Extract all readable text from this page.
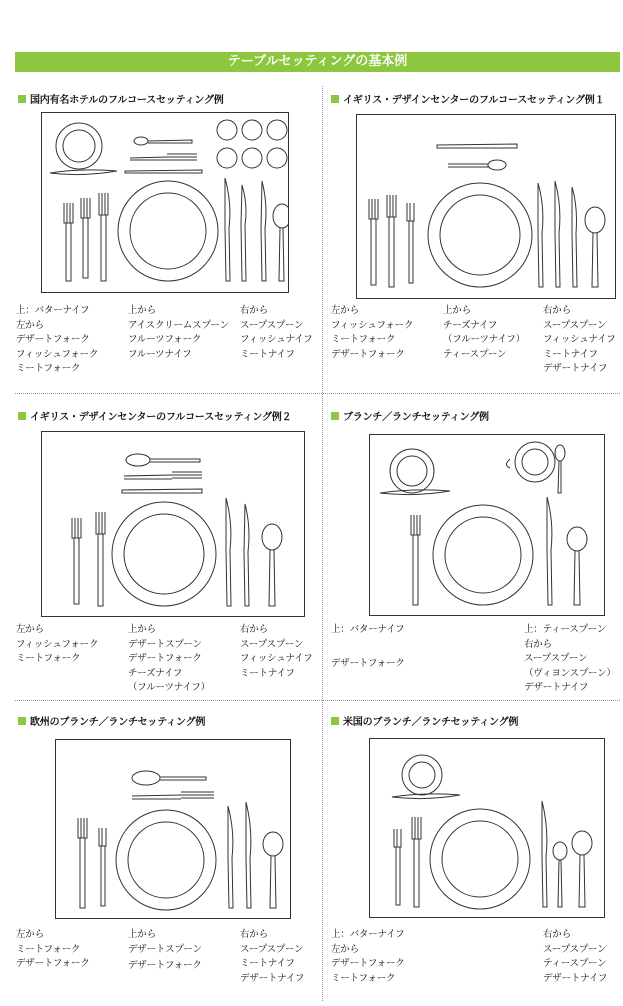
テーブルセッティングの基本例
国内有名ホテルのフルコースセッティング例
上：バターナイフ
左から
デザートフォーク
フィッシュフォーク
ミートフォーク
上から
アイスクリームスプーン
フルーツフォーク
フルーツナイフ
右から
スープスプーン
フィッシュナイフ
ミートナイフ
イギリス・デザインセンターのフルコースセッティング例１
左から
フィッシュフォーク
ミートフォーク
デザートフォーク
上から
チーズナイフ
（フルーツナイフ）
ティースプーン
右から
スープスプーン
フィッシュナイフ
ミートナイフ
デザートナイフ
イギリス・デザインセンターのフルコースセッティング例２
左から
フィッシュフォーク
ミートフォーク
上から
デザートスプーン
デザートフォーク
チーズナイフ
（フルーツナイフ）
右から
スープスプーン
フィッシュナイフ
ミートナイフ
ブランチ／ランチセッティング例
上：バターナイフ

デザートフォーク
上：ティースプーン
右から
スープスプーン
（ヴィヨンスプーン）
デザートナイフ
欧州のブランチ／ランチセッティング例
左から
ミートフォーク
デザートフォーク
上から
デザートスプーン
デザートフォーク
右から
スープスプーン
ミートナイフ
デザートナイフ
米国のブランチ／ランチセッティング例
上：バターナイフ
左から
デザートフォーク
ミートフォーク
右から
スープスプーン
ティースプーン
デザートナイフ
